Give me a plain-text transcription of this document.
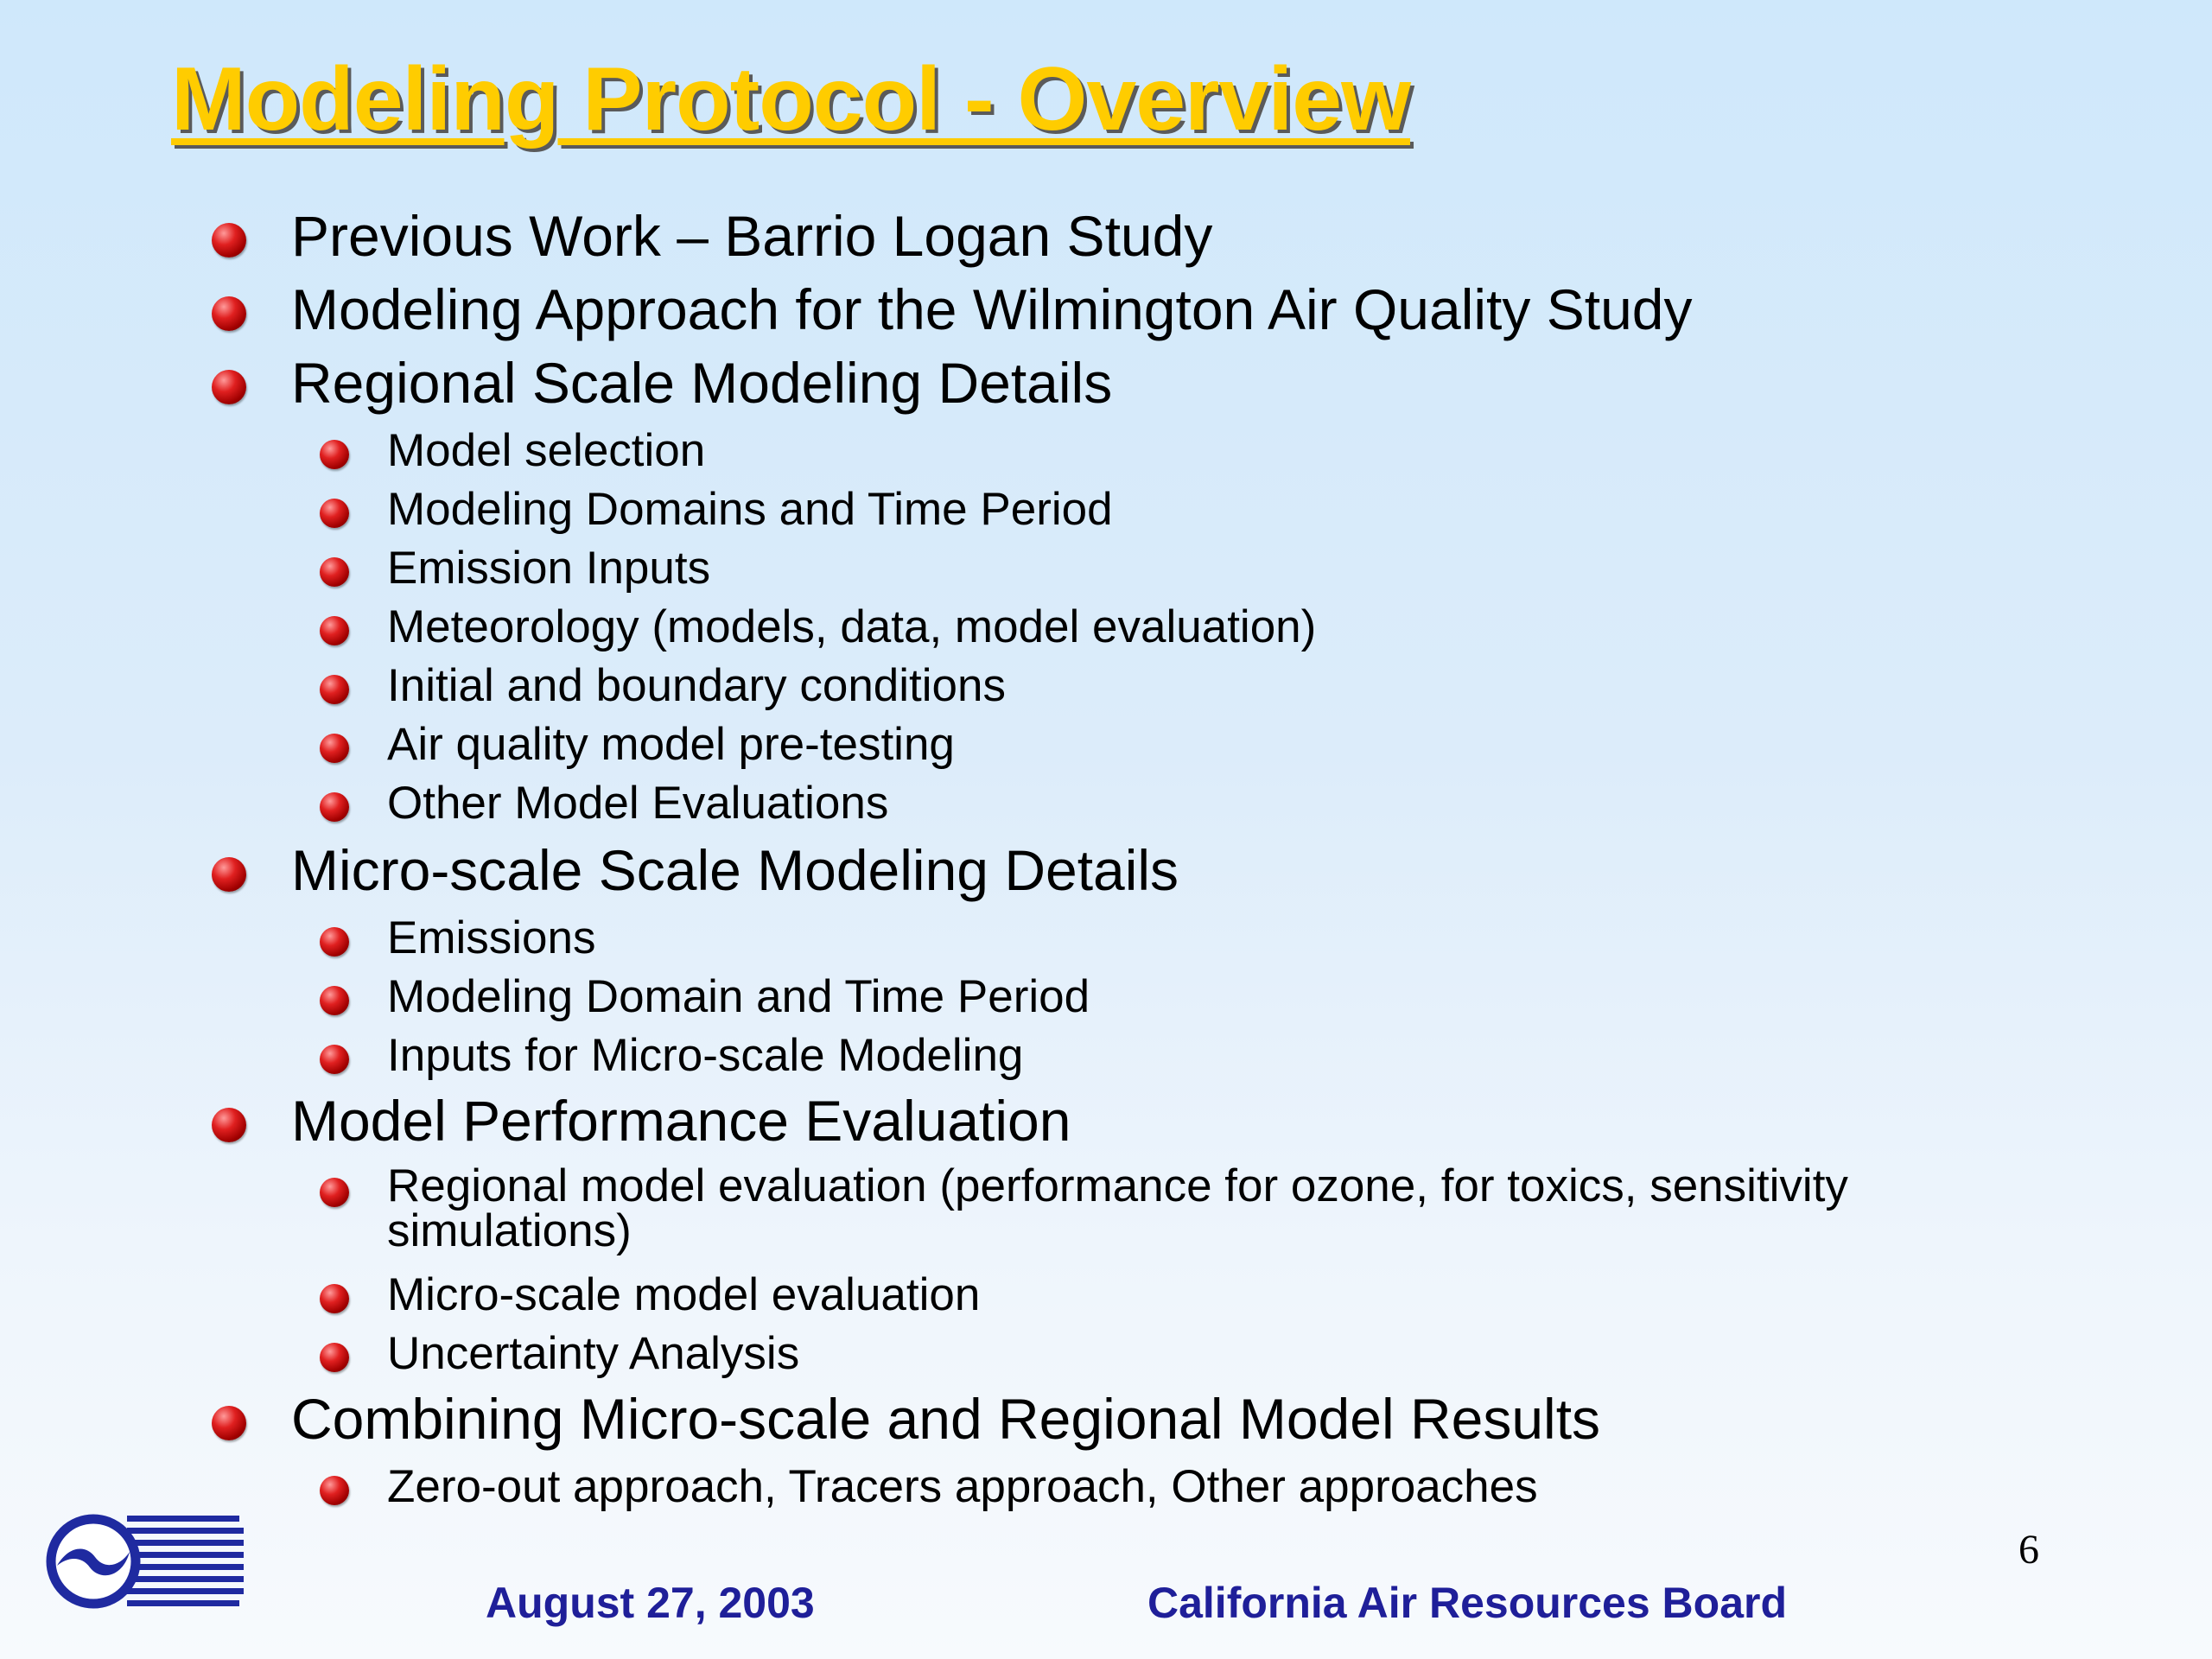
Modeling Protocol - Overview
Previous Work – Barrio Logan Study
Modeling Approach for the Wilmington Air Quality Study
Regional Scale Modeling Details
Model selection
Modeling Domains and Time Period
Emission Inputs
Meteorology (models, data, model evaluation)
Initial and boundary conditions
Air quality model pre-testing
Other Model Evaluations
Micro-scale Scale Modeling Details
Emissions
Modeling Domain and Time Period
Inputs for Micro-scale Modeling
Model Performance Evaluation
Regional model evaluation (performance for ozone, for toxics, sensitivity simulations)
Micro-scale model evaluation
Uncertainty Analysis
Combining Micro-scale and Regional Model Results
Zero-out approach, Tracers approach, Other approaches
6
August 27, 2003	California Air Resources Board
